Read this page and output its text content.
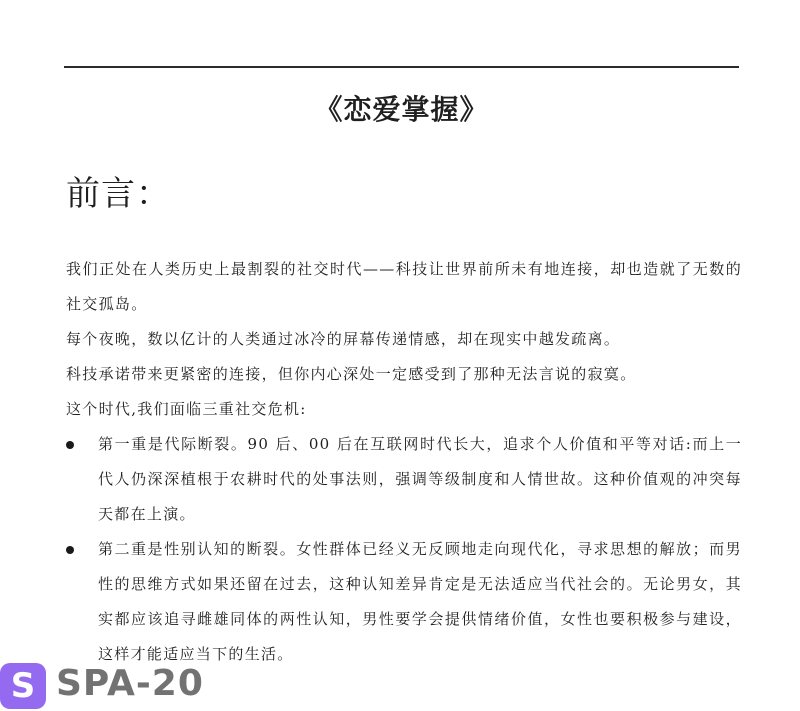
《恋爱掌握》
前言：

我们正处在人类历史上最割裂的社交时代——科技让世界前所未有地连接，却也造就了无数的社交孤岛。

每个夜晚，数以亿计的人类通过冰冷的屏幕传递情感，却在现实中越发疏离。

科技承诺带来更紧密的连接，但你内心深处一定感受到了那种无法言说的寂寞。

这个时代,我们面临三重社交危机:

第一重是代际断裂。90 后、00 后在互联网时代长大，追求个人价值和平等对话:而上一代人仍深深植根于农耕时代的处事法则，强调等级制度和人情世故。这种价值观的冲突每天都在上演。
第二重是性别认知的断裂。女性群体已经义无反顾地走向现代化，寻求思想的解放；而男性的思维方式如果还留在过去，这种认知差异肯定是无法适应当代社会的。无论男女，其实都应该追寻雌雄同体的两性认知，男性要学会提供情绪价值，女性也要积极参与建设，这样才能适应当下的生活。
S SPA-20
